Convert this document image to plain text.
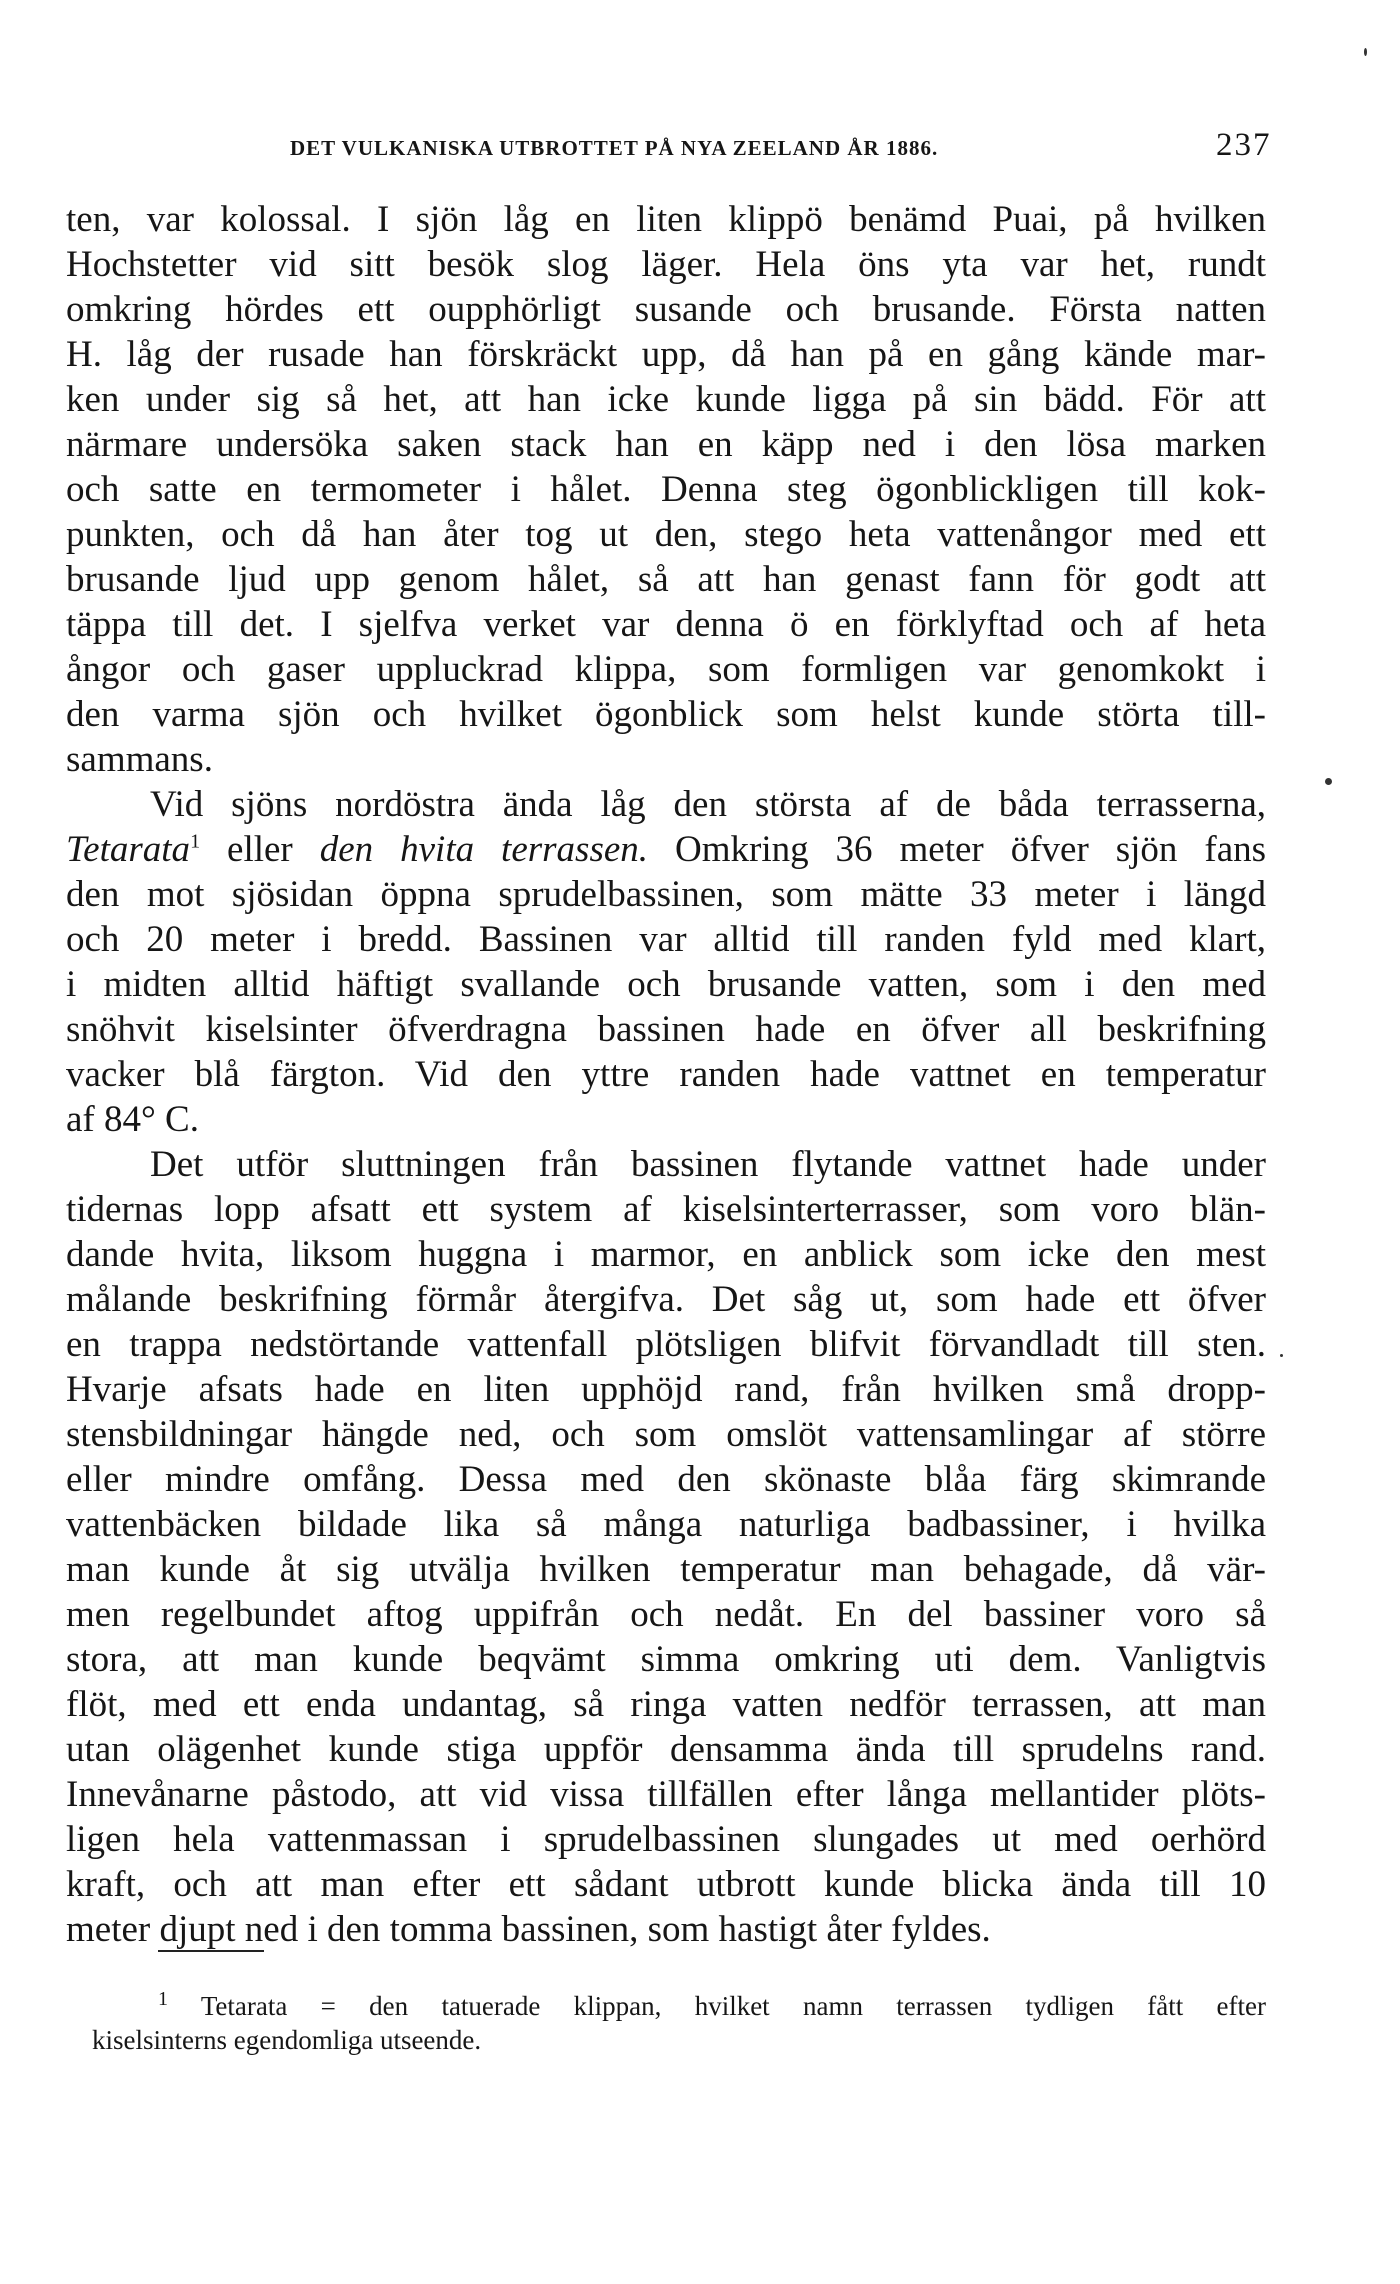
DET VULKANISKA UTBROTTET PÅ NYA ZEELAND ÅR 1886.	237
ten, var kolossal. I sjön låg en liten klippö benämd Puai, på hvilken
Hochstetter vid sitt besök slog läger. Hela öns yta var het, rundt
omkring hördes ett oupphörligt susande och brusande. Första natten
H. låg der rusade han förskräckt upp, då han på en gång kände mar-
ken under sig så het, att han icke kunde ligga på sin bädd. För att
närmare undersöka saken stack han en käpp ned i den lösa marken
och satte en termometer i hålet. Denna steg ögonblickligen till kok-
punkten, och då han åter tog ut den, stego heta vattenångor med ett
brusande ljud upp genom hålet, så att han genast fann för godt att
täppa till det. I sjelfva verket var denna ö en förklyftad och af heta
ångor och gaser uppluckrad klippa, som formligen var genomkokt i
den varma sjön och hvilket ögonblick som helst kunde störta till-
sammans.
Vid sjöns nordöstra ända låg den största af de båda terrasserna,
Tetarata$^1$ eller den hvita terrassen. Omkring 36 meter öfver sjön fans
den mot sjösidan öppna sprudelbassinen, som mätte 33 meter i längd
och 20 meter i bredd. Bassinen var alltid till randen fyld med klart,
i midten alltid häftigt svallande och brusande vatten, som i den med
snöhvit kiselsinter öfverdragna bassinen hade en öfver all beskrifning
vacker blå färgton. Vid den yttre randen hade vattnet en temperatur
af 84° C.
Det utför sluttningen från bassinen flytande vattnet hade under
tidernas lopp afsatt ett system af kiselsinterterrasser, som voro blän-
dande hvita, liksom huggna i marmor, en anblick som icke den mest
målande beskrifning förmår återgifva. Det såg ut, som hade ett öfver
en trappa nedstörtande vattenfall plötsligen blifvit förvandladt till sten.
Hvarje afsats hade en liten upphöjd rand, från hvilken små dropp-
stensbildningar hängde ned, och som omslöt vattensamlingar af större
eller mindre omfång. Dessa med den skönaste blåa färg skimrande
vattenbäcken bildade lika så många naturliga badbassiner, i hvilka
man kunde åt sig utvälja hvilken temperatur man behagade, då vär-
men regelbundet aftog uppifrån och nedåt. En del bassiner voro så
stora, att man kunde beqvämt simma omkring uti dem. Vanligtvis
flöt, med ett enda undantag, så ringa vatten nedför terrassen, att man
utan olägenhet kunde stiga uppför densamma ända till sprudelns rand.
Innevånarne påstodo, att vid vissa tillfällen efter långa mellantider plöts-
ligen hela vattenmassan i sprudelbassinen slungades ut med oerhörd
kraft, och att man efter ett sådant utbrott kunde blicka ända till 10
meter djupt ned i den tomma bassinen, som hastigt åter fyldes.
$^1$ Tetarata = den tatuerade klippan, hvilket namn terrassen tydligen fått efter
kiselsinterns egendomliga utseende.
